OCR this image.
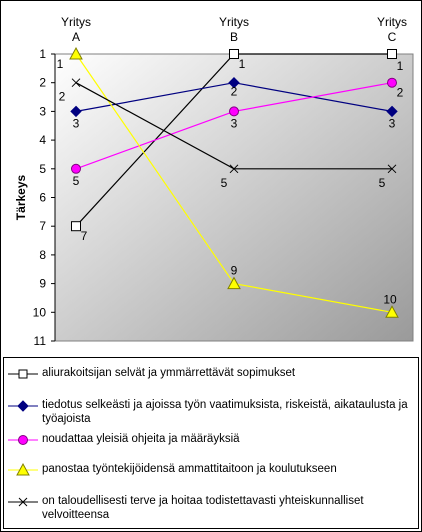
1
2
3
4
5
6
7
8
9
10
11
Tärkeys
Yritys
A
Yritys
B
Yritys
C
7
1	1
3
2
3
5
3
2
1
9
10
2
5	5
aliurakoitsijan selvät ja ymmärrettävät sopimukset
tiedotus selkeästi ja ajoissa työn vaatimuksista, riskeistä, aikataulusta ja työajoista
noudattaa yleisiä ohjeita ja määräyksiä
panostaa työntekijöidensä ammattitaitoon ja koulutukseen
on taloudellisesti terve ja hoitaa todistettavasti yhteiskunnalliset velvoitteensa
